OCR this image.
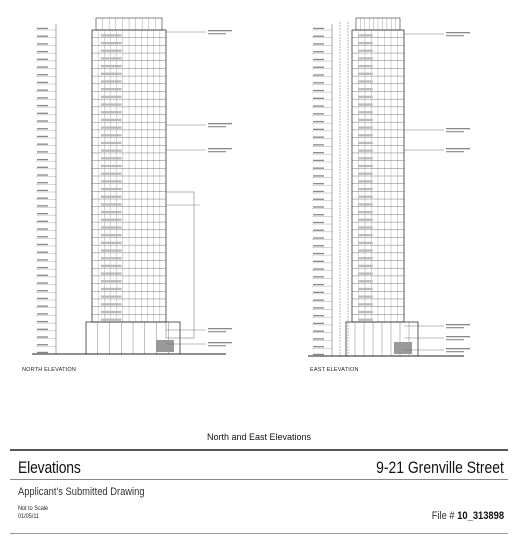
NORTH ELEVATION	EAST ELEVATION
North and East Elevations
Elevations	9-21 Grenville Street
Applicant's Submitted Drawing
Not to Scale
01/05/11	File # 10_313898
